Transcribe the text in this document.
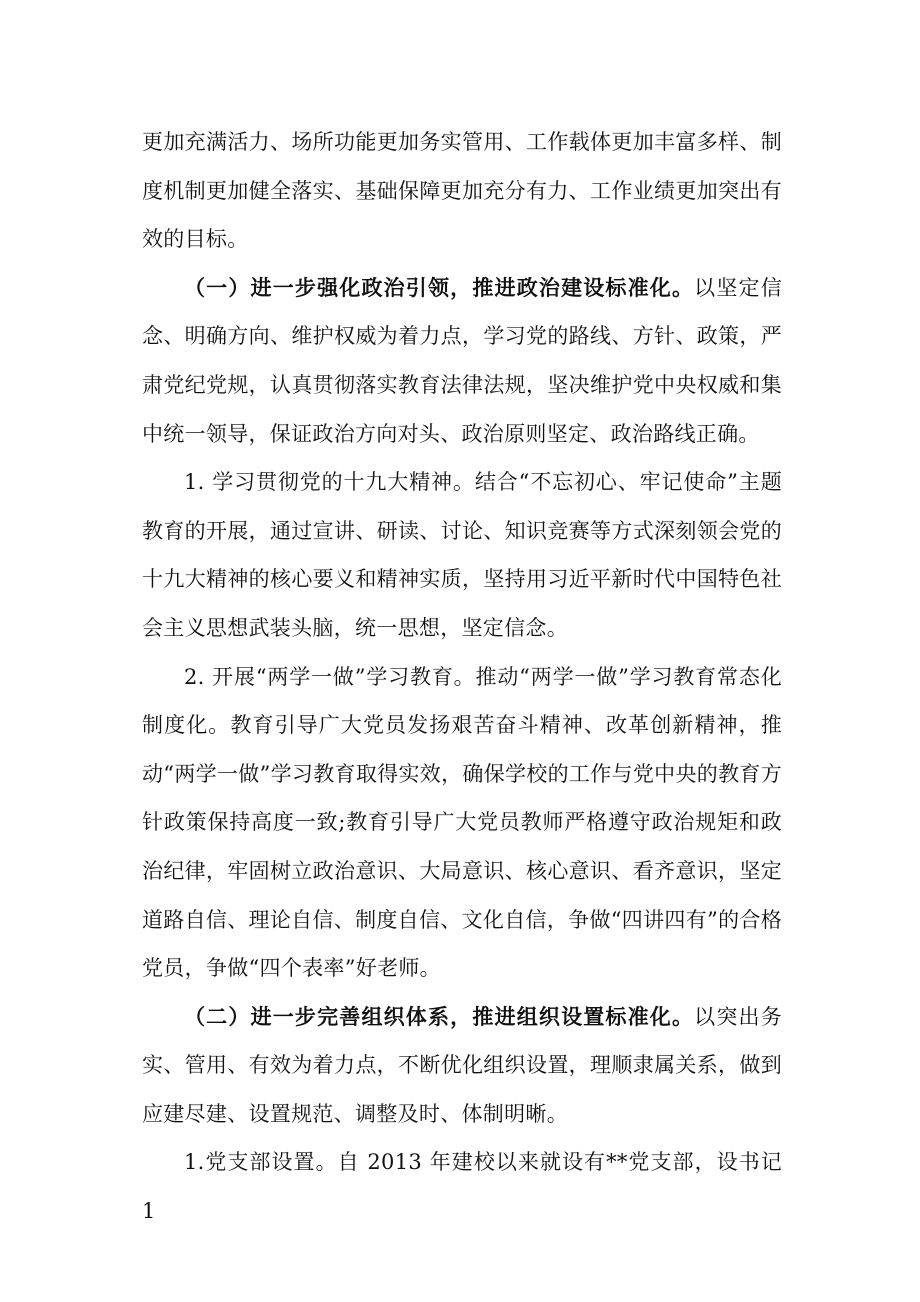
更加充满活力、场所功能更加务实管用、工作载体更加丰富多样、制度机制更加健全落实、基础保障更加充分有力、工作业绩更加突出有效的目标。

（一）进一步强化政治引领，推进政治建设标准化。以坚定信念、明确方向、维护权威为着力点，学习党的路线、方针、政策，严肃党纪党规，认真贯彻落实教育法律法规，坚决维护党中央权威和集中统一领导，保证政治方向对头、政治原则坚定、政治路线正确。

1. 学习贯彻党的十九大精神。结合“不忘初心、牢记使命”主题教育的开展，通过宣讲、研读、讨论、知识竞赛等方式深刻领会党的十九大精神的核心要义和精神实质，坚持用习近平新时代中国特色社会主义思想武装头脑，统一思想，坚定信念。

2. 开展“两学一做”学习教育。推动“两学一做”学习教育常态化制度化。教育引导广大党员发扬艰苦奋斗精神、改革创新精神，推动“两学一做”学习教育取得实效，确保学校的工作与党中央的教育方针政策保持高度一致;教育引导广大党员教师严格遵守政治规矩和政治纪律，牢固树立政治意识、大局意识、核心意识、看齐意识，坚定道路自信、理论自信、制度自信、文化自信，争做“四讲四有”的合格党员，争做“四个表率”好老师。

（二）进一步完善组织体系，推进组织设置标准化。以突出务实、管用、有效为着力点，不断优化组织设置，理顺隶属关系，做到应建尽建、设置规范、调整及时、体制明晰。

1.党支部设置。自 2013 年建校以来就设有**党支部，设书记 1
